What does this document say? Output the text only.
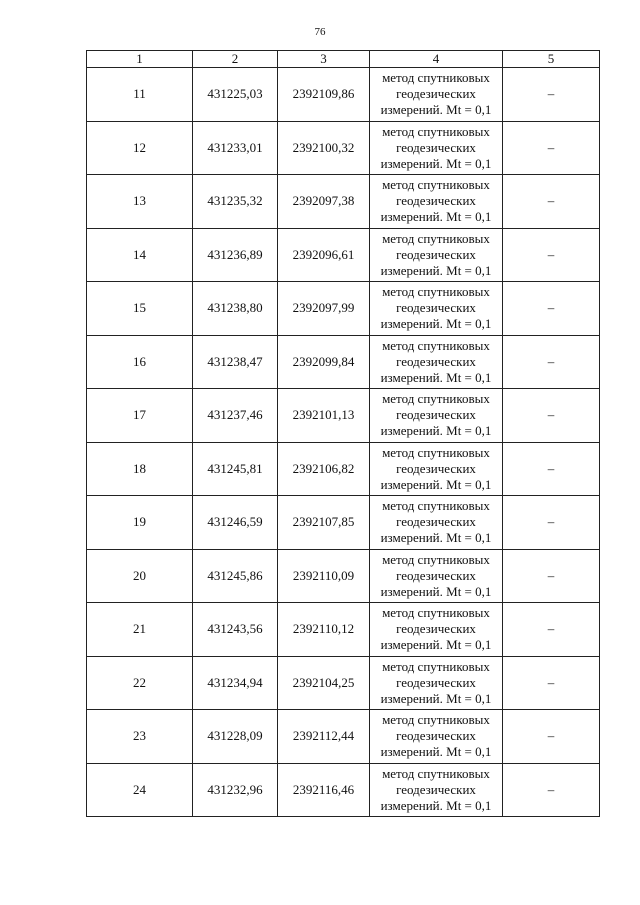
76
1	2	3	4	5
11	431225,03	2392109,86	метод спутниковых
геодезических
измерений. Mt = 0,1	–
12	431233,01	2392100,32	метод спутниковых
геодезических
измерений. Mt = 0,1	–
13	431235,32	2392097,38	метод спутниковых
геодезических
измерений. Mt = 0,1	–
14	431236,89	2392096,61	метод спутниковых
геодезических
измерений. Mt = 0,1	–
15	431238,80	2392097,99	метод спутниковых
геодезических
измерений. Mt = 0,1	–
16	431238,47	2392099,84	метод спутниковых
геодезических
измерений. Mt = 0,1	–
17	431237,46	2392101,13	метод спутниковых
геодезических
измерений. Mt = 0,1	–
18	431245,81	2392106,82	метод спутниковых
геодезических
измерений. Mt = 0,1	–
19	431246,59	2392107,85	метод спутниковых
геодезических
измерений. Mt = 0,1	–
20	431245,86	2392110,09	метод спутниковых
геодезических
измерений. Mt = 0,1	–
21	431243,56	2392110,12	метод спутниковых
геодезических
измерений. Mt = 0,1	–
22	431234,94	2392104,25	метод спутниковых
геодезических
измерений. Mt = 0,1	–
23	431228,09	2392112,44	метод спутниковых
геодезических
измерений. Mt = 0,1	–
24	431232,96	2392116,46	метод спутниковых
геодезических
измерений. Mt = 0,1	–
